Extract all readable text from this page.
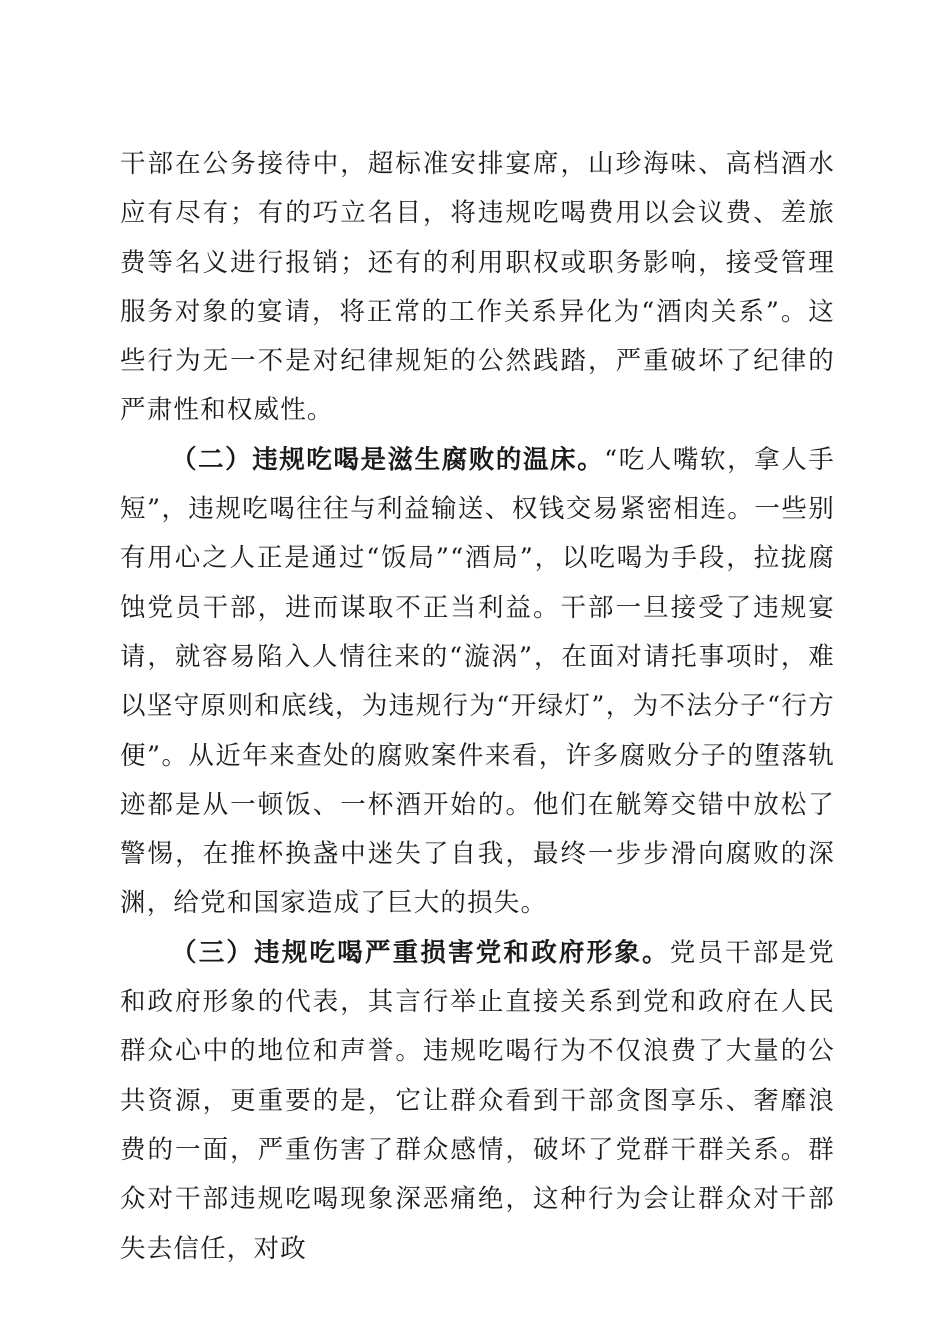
干部在公务接待中，超标准安排宴席，山珍海味、高档酒水应有尽有；有的巧立名目，将违规吃喝费用以会议费、差旅费等名义进行报销；还有的利用职权或职务影响，接受管理服务对象的宴请，将正常的工作关系异化为“酒肉关系”。这些行为无一不是对纪律规矩的公然践踏，严重破坏了纪律的严肃性和权威性。

（二）违规吃喝是滋生腐败的温床。“吃人嘴软，拿人手短”，违规吃喝往往与利益输送、权钱交易紧密相连。一些别有用心之人正是通过“饭局”“酒局”，以吃喝为手段，拉拢腐蚀党员干部，进而谋取不正当利益。干部一旦接受了违规宴请，就容易陷入人情往来的“漩涡”，在面对请托事项时，难以坚守原则和底线，为违规行为“开绿灯”，为不法分子“行方便”。从近年来查处的腐败案件来看，许多腐败分子的堕落轨迹都是从一顿饭、一杯酒开始的。他们在觥筹交错中放松了警惕，在推杯换盏中迷失了自我，最终一步步滑向腐败的深渊，给党和国家造成了巨大的损失。

（三）违规吃喝严重损害党和政府形象。党员干部是党和政府形象的代表，其言行举止直接关系到党和政府在人民群众心中的地位和声誉。违规吃喝行为不仅浪费了大量的公共资源，更重要的是，它让群众看到干部贪图享乐、奢靡浪费的一面，严重伤害了群众感情，破坏了党群干群关系。群众对干部违规吃喝现象深恶痛绝，这种行为会让群众对干部失去信任，对政
